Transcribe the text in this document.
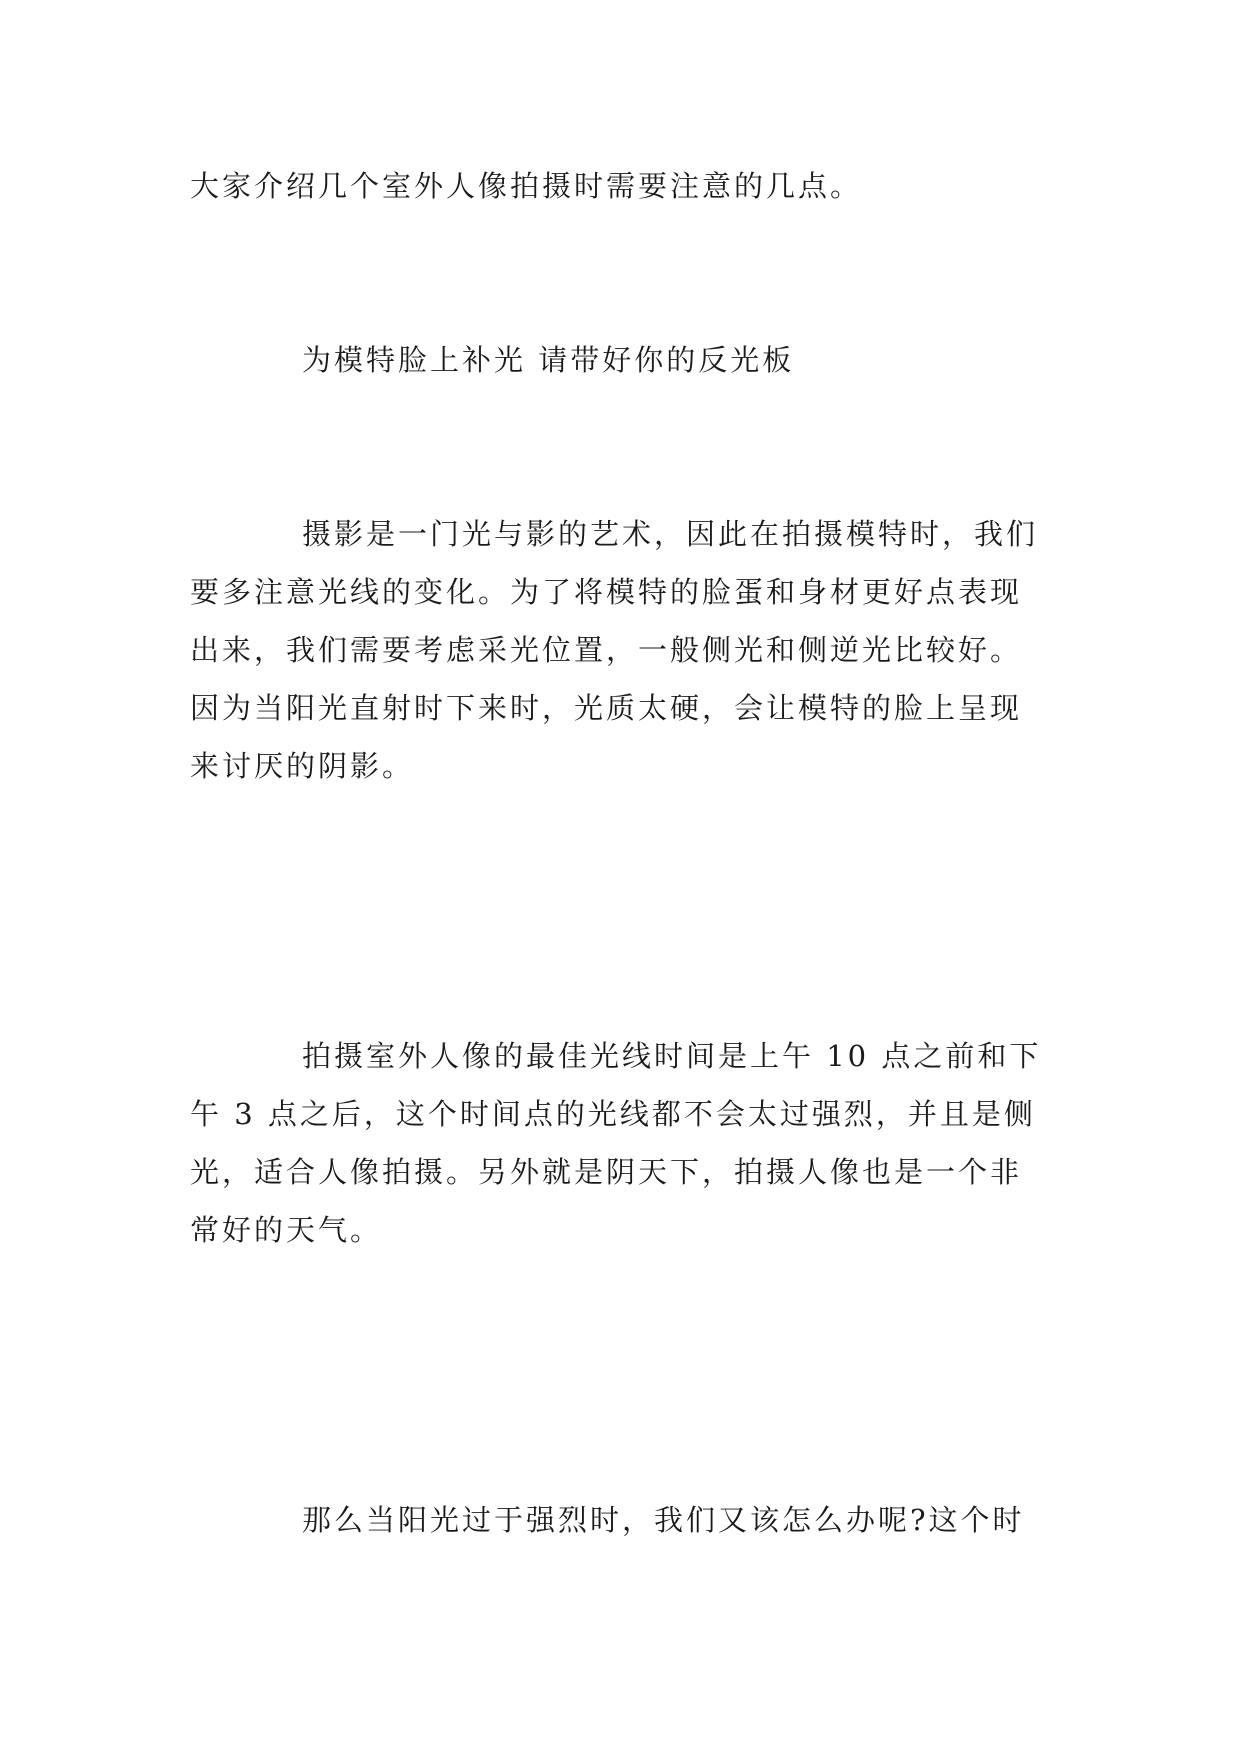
大家介绍几个室外人像拍摄时需要注意的几点。
为模特脸上补光 请带好你的反光板
摄影是一门光与影的艺术，因此在拍摄模特时，我们
要多注意光线的变化。为了将模特的脸蛋和身材更好点表现
出来，我们需要考虑采光位置，一般侧光和侧逆光比较好。
因为当阳光直射时下来时，光质太硬，会让模特的脸上呈现
来讨厌的阴影。
拍摄室外人像的最佳光线时间是上午 10 点之前和下
午 3 点之后，这个时间点的光线都不会太过强烈，并且是侧
光，适合人像拍摄。另外就是阴天下，拍摄人像也是一个非
常好的天气。
那么当阳光过于强烈时，我们又该怎么办呢?这个时
